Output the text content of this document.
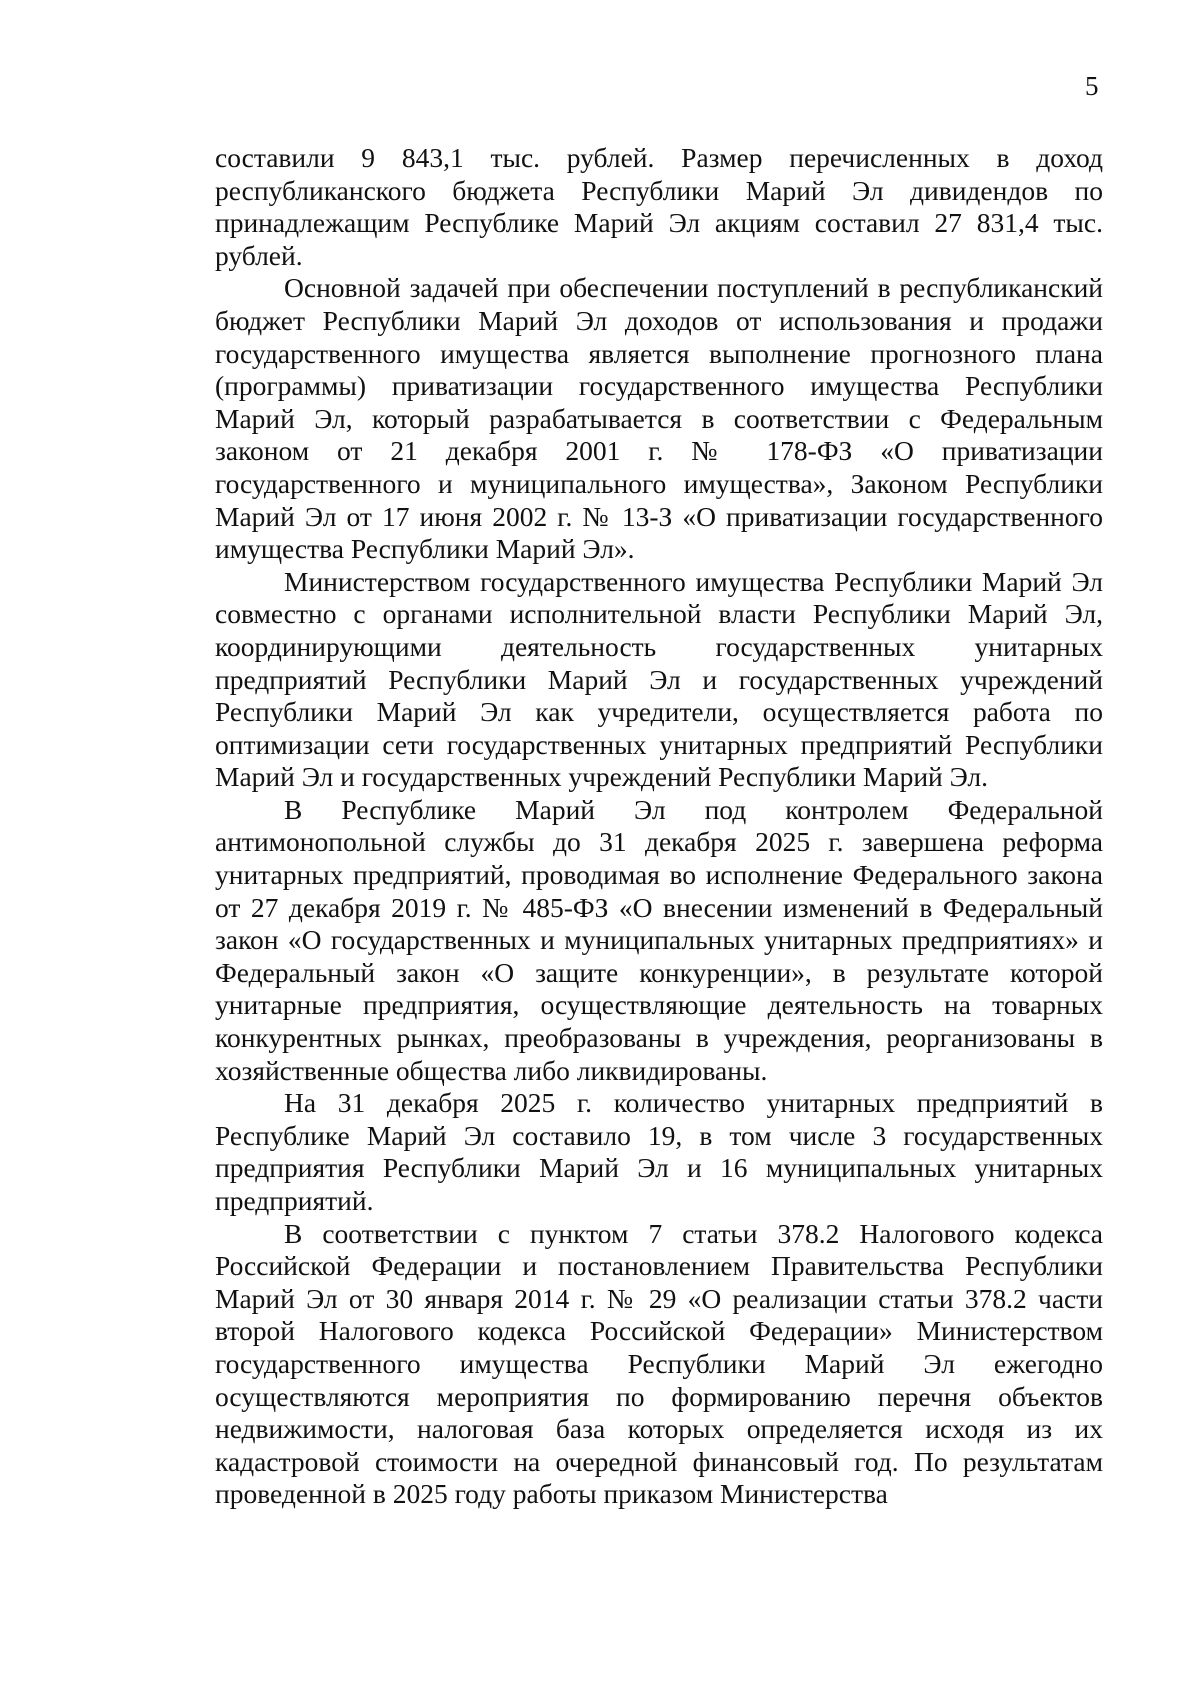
5

составили 9 843,1 тыс. рублей. Размер перечисленных в доход республиканского бюджета Республики Марий Эл дивидендов по принадлежащим Республике Марий Эл акциям составил 27 831,4 тыс. рублей.

Основной задачей при обеспечении поступлений в республиканский бюджет Республики Марий Эл доходов от использования и продажи государственного имущества является выполнение прогнозного плана (программы) приватизации государственного имущества Республики Марий Эл, который разрабатывается в соответствии с Федеральным законом от 21 декабря 2001 г. № 178-ФЗ «О приватизации государственного и муниципального имущества», Законом Республики Марий Эл от 17 июня 2002 г. № 13-З «О приватизации государственного имущества Республики Марий Эл».

Министерством государственного имущества Республики Марий Эл совместно с органами исполнительной власти Республики Марий Эл, координирующими деятельность государственных унитарных предприятий Республики Марий Эл и государственных учреждений Республики Марий Эл как учредители, осуществляется работа по оптимизации сети государственных унитарных предприятий Республики Марий Эл и государственных учреждений Республики Марий Эл.

В Республике Марий Эл под контролем Федеральной антимонопольной службы до 31 декабря 2025 г. завершена реформа унитарных предприятий, проводимая во исполнение Федерального закона от 27 декабря 2019 г. № 485-ФЗ «О внесении изменений в Федеральный закон «О государственных и муниципальных унитарных предприятиях» и Федеральный закон «О защите конкуренции», в результате которой унитарные предприятия, осуществляющие деятельность на товарных конкурентных рынках, преобразованы в учреждения, реорганизованы в хозяйственные общества либо ликвидированы.

На 31 декабря 2025 г. количество унитарных предприятий в Республике Марий Эл составило 19, в том числе 3 государственных предприятия Республики Марий Эл и 16 муниципальных унитарных предприятий.

В соответствии с пунктом 7 статьи 378.2 Налогового кодекса Российской Федерации и постановлением Правительства Республики Марий Эл от 30 января 2014 г. № 29 «О реализации статьи 378.2 части второй Налогового кодекса Российской Федерации» Министерством государственного имущества Республики Марий Эл ежегодно осуществляются мероприятия по формированию перечня объектов недвижимости, налоговая база которых определяется исходя из их кадастровой стоимости на очередной финансовый год. По результатам проведенной в 2025 году работы приказом Министерства
